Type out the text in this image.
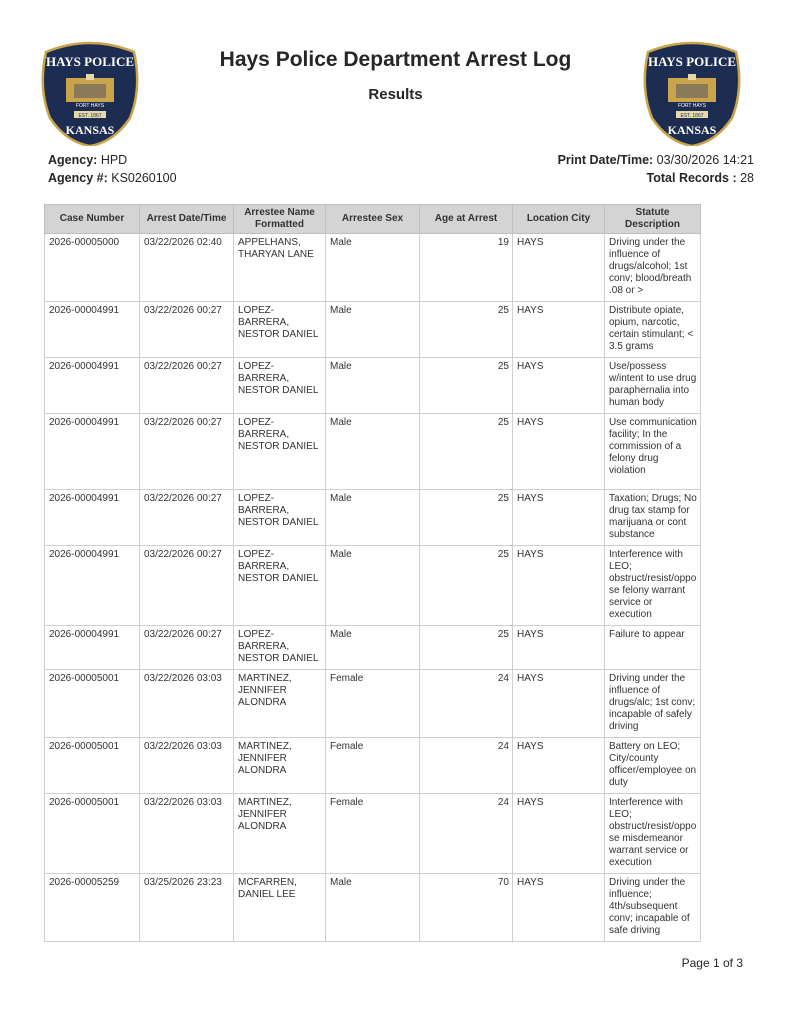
HAYS POLICE
FORT HAYS
EST. 1867
KANSAS
HAYS POLICE
FORT HAYS
EST. 1867
KANSAS
Hays Police Department Arrest Log
Results
Agency: HPD
Agency #: KS0260100
Print Date/Time: 03/30/2026 14:21
Total Records : 28
Case Number	Arrest Date/Time	Arrestee Name Formatted	Arrestee Sex	Age at Arrest	Location City	Statute Description
2026-00005000	03/22/2026 02:40	APPELHANS, THARYAN LANE	Male	19	HAYS	Driving under the influence of drugs/alcohol; 1st conv; blood/breath .08 or >
2026-00004991	03/22/2026 00:27	LOPEZ-BARRERA, NESTOR DANIEL	Male	25	HAYS	Distribute opiate, opium, narcotic, certain stimulant; < 3.5 grams
2026-00004991	03/22/2026 00:27	LOPEZ-BARRERA, NESTOR DANIEL	Male	25	HAYS	Use/possess w/intent to use drug paraphernalia into human body
2026-00004991	03/22/2026 00:27	LOPEZ-BARRERA, NESTOR DANIEL	Male	25	HAYS	Use communication facility; In the commission of a felony drug violation
2026-00004991	03/22/2026 00:27	LOPEZ-BARRERA, NESTOR DANIEL	Male	25	HAYS	Taxation; Drugs; No drug tax stamp for marijuana or cont substance
2026-00004991	03/22/2026 00:27	LOPEZ-BARRERA, NESTOR DANIEL	Male	25	HAYS	Interference with LEO; obstruct/resist/oppose felony warrant service or execution
2026-00004991	03/22/2026 00:27	LOPEZ-BARRERA, NESTOR DANIEL	Male	25	HAYS	Failure to appear
2026-00005001	03/22/2026 03:03	MARTINEZ, JENNIFER ALONDRA	Female	24	HAYS	Driving under the influence of drugs/alc; 1st conv; incapable of safely driving
2026-00005001	03/22/2026 03:03	MARTINEZ, JENNIFER ALONDRA	Female	24	HAYS	Battery on LEO; City/county officer/employee on duty
2026-00005001	03/22/2026 03:03	MARTINEZ, JENNIFER ALONDRA	Female	24	HAYS	Interference with LEO; obstruct/resist/oppose misdemeanor warrant service or execution
2026-00005259	03/25/2026 23:23	MCFARREN, DANIEL LEE	Male	70	HAYS	Driving under the influence; 4th/subsequent conv; incapable of safe driving
Page 1 of 3
